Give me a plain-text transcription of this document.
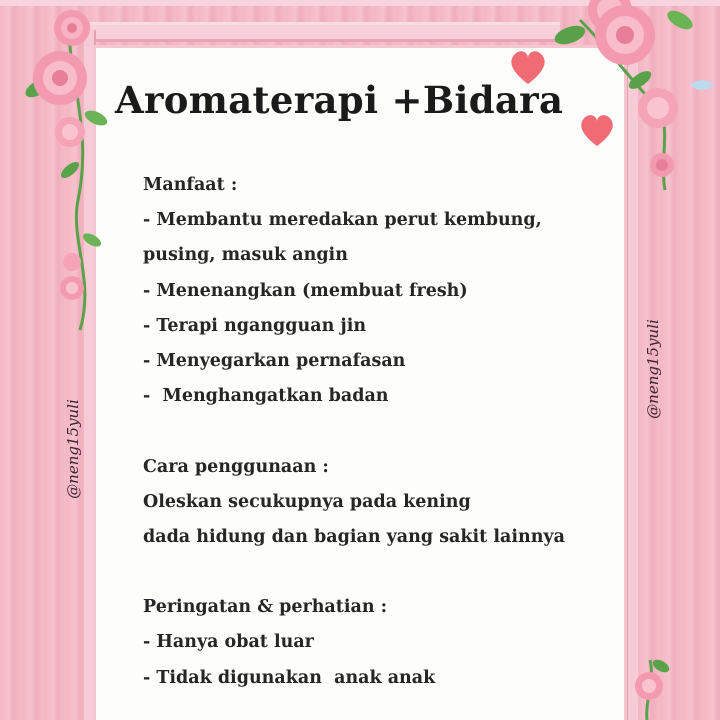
Aromaterapi +Bidara
Manfaat :
- Membantu meredakan perut kembung,
pusing, masuk angin
- Menenangkan (membuat fresh)
- Terapi ngangguan jin
- Menyegarkan pernafasan
-  Menghangatkan badan
Cara penggunaan :
Oleskan secukupnya pada kening
dada hidung dan bagian yang sakit lainnya
Peringatan & perhatian :
- Hanya obat luar
- Tidak digunakan  anak anak
@neng15yuli
@neng15yuli
